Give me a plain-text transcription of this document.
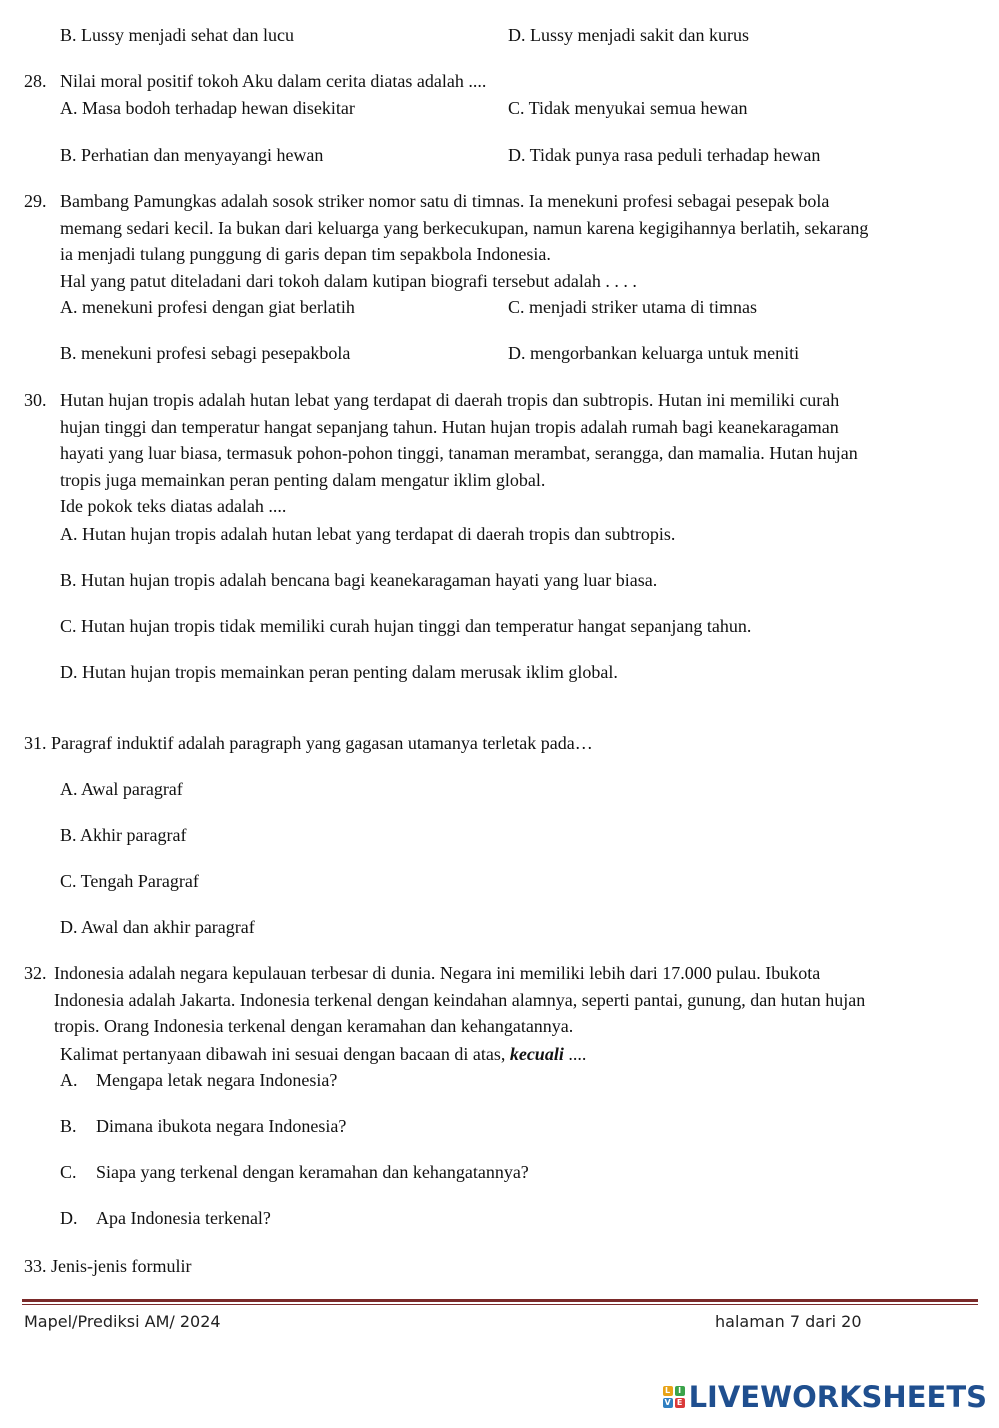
B. Lussy menjadi sehat dan lucu	D. Lussy menjadi sakit dan kurus
28. Nilai moral positif tokoh Aku dalam cerita diatas adalah ....
A. Masa bodoh terhadap hewan disekitar	C. Tidak menyukai semua hewan
B. Perhatian dan menyayangi hewan	D. Tidak punya rasa peduli terhadap hewan
29. Bambang Pamungkas adalah sosok striker nomor satu di timnas. Ia menekuni profesi sebagai pesepak bola
memang sedari kecil. Ia bukan dari keluarga yang berkecukupan, namun karena kegigihannya berlatih, sekarang
ia menjadi tulang punggung di garis depan tim sepakbola Indonesia.
Hal yang patut diteladani dari tokoh dalam kutipan biografi tersebut adalah . . . .
A. menekuni profesi dengan giat berlatih	C. menjadi striker utama di timnas
B. menekuni profesi sebagi pesepakbola	D. mengorbankan keluarga untuk meniti
30. Hutan hujan tropis adalah hutan lebat yang terdapat di daerah tropis dan subtropis. Hutan ini memiliki curah
hujan tinggi dan temperatur hangat sepanjang tahun. Hutan hujan tropis adalah rumah bagi keanekaragaman
hayati yang luar biasa, termasuk pohon-pohon tinggi, tanaman merambat, serangga, dan mamalia. Hutan hujan
tropis juga memainkan peran penting dalam mengatur iklim global.
Ide pokok teks diatas adalah ....
A. Hutan hujan tropis adalah hutan lebat yang terdapat di daerah tropis dan subtropis.
B. Hutan hujan tropis adalah bencana bagi keanekaragaman hayati yang luar biasa.
C. Hutan hujan tropis tidak memiliki curah hujan tinggi dan temperatur hangat sepanjang tahun.
D. Hutan hujan tropis memainkan peran penting dalam merusak iklim global.
31. Paragraf induktif adalah paragraph yang gagasan utamanya terletak pada…
A. Awal paragraf
B. Akhir paragraf
C. Tengah Paragraf
D. Awal dan akhir paragraf
32. Indonesia adalah negara kepulauan terbesar di dunia. Negara ini memiliki lebih dari 17.000 pulau. Ibukota
Indonesia adalah Jakarta. Indonesia terkenal dengan keindahan alamnya, seperti pantai, gunung, dan hutan hujan
tropis. Orang Indonesia terkenal dengan keramahan dan kehangatannya.
Kalimat pertanyaan dibawah ini sesuai dengan bacaan di atas, kecuali ....
A. Mengapa letak negara Indonesia?
B. Dimana ibukota negara Indonesia?
C. Siapa yang terkenal dengan keramahan dan kehangatannya?
D. Apa Indonesia terkenal?
33. Jenis-jenis formulir
Mapel/Prediksi AM/ 2024	halaman 7 dari 20
L I
V E LIVEWORKSHEETS
